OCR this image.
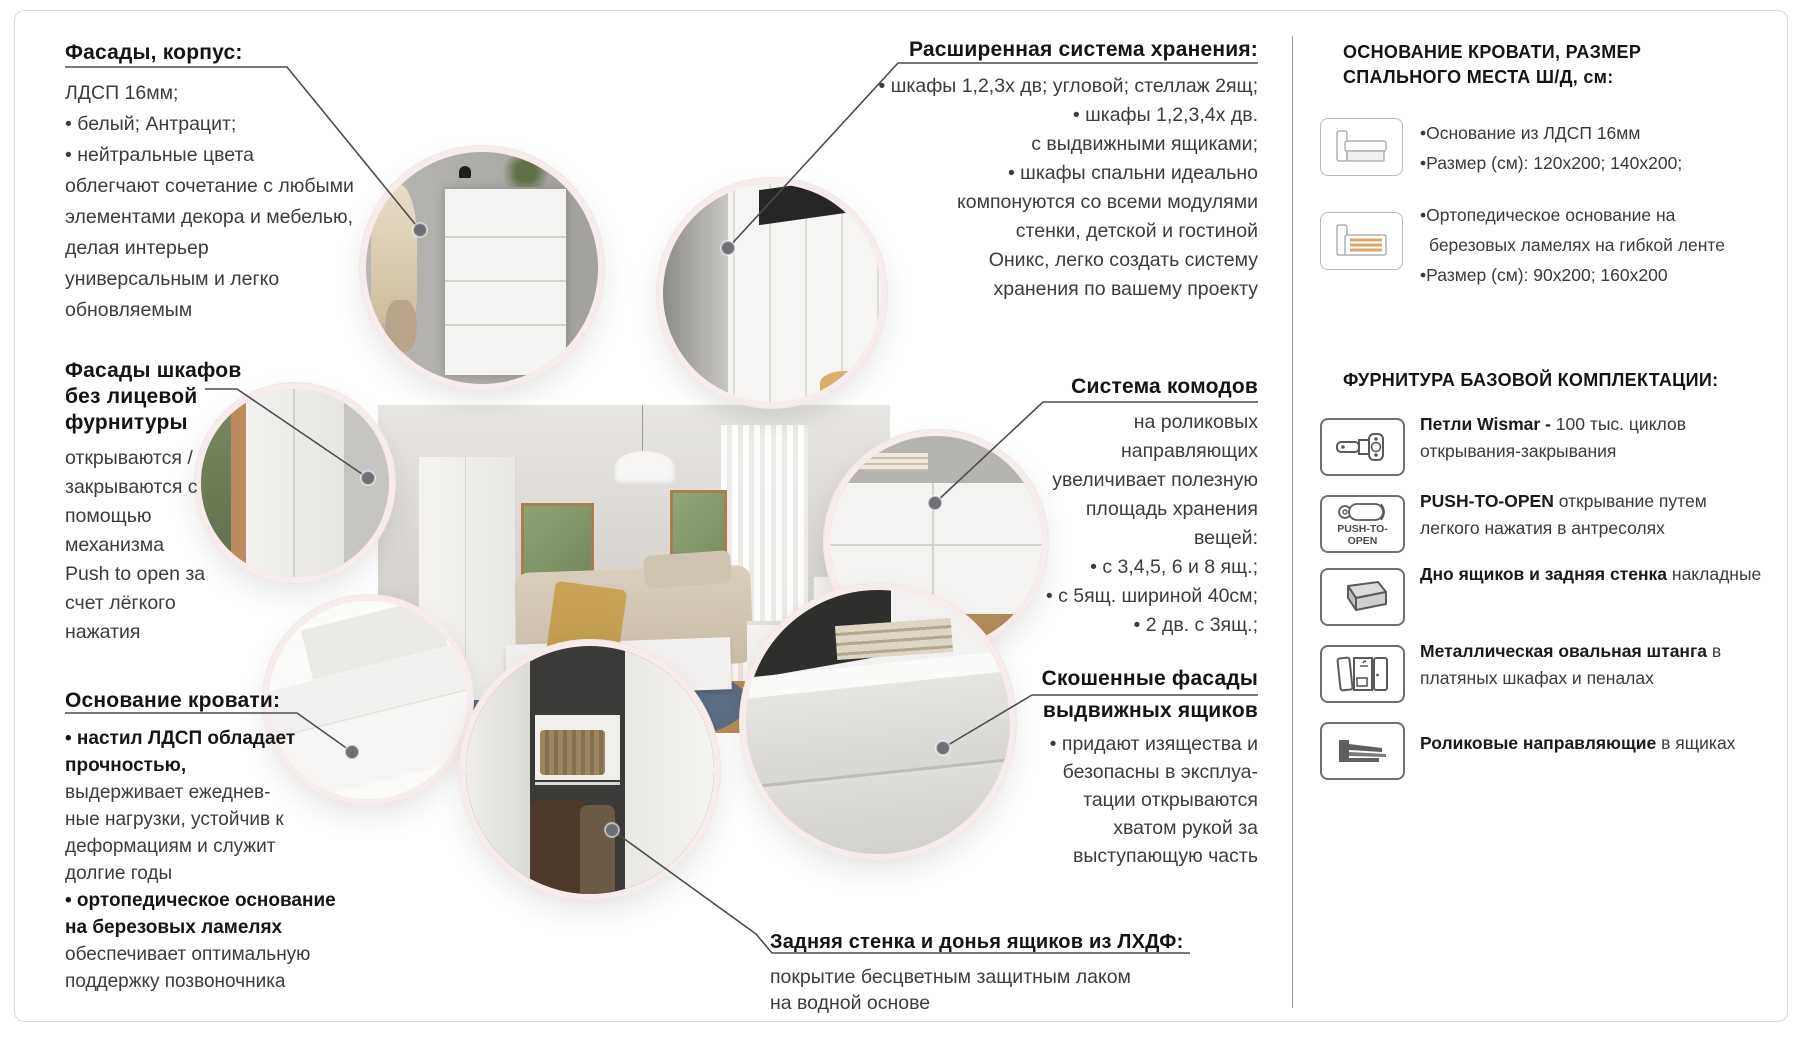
Фасады, корпус:
ЛДСП 16мм;
• белый; Антрацит;
• нейтральные цвета
облегчают сочетание с любыми
элементами декора и мебелью,
делая интерьер
универсальным и легко
обновляемым
Расширенная система хранения:
• шкафы 1,2,3х дв; угловой; стеллаж 2ящ;
• шкафы 1,2,3,4х дв.
с выдвижными ящиками;
• шкафы спальни идеально
компонуются со всеми модулями
стенки, детской и гостиной
Оникс, легко создать систему
хранения по вашему проекту
Фасады шкафов
без лицевой
фурнитуры
открываются /
закрываются с
помощью
механизма
Push to open за
счет лёгкого
нажатия
Система комодов
на роликовых
направляющих
увеличивает полезную
площадь хранения
вещей:
• с 3,4,5, 6 и 8 ящ.;
• с 5ящ. шириной 40см;
• 2 дв. с 3ящ.;
Основание кровати:
• настил ЛДСП обладает
прочностью,
выдерживает ежеднев-
ные нагрузки, устойчив к
деформациям и служит
долгие годы
• ортопедическое основание
на березовых ламелях
обеспечивает оптимальную
поддержку позвоночника
Скошенные фасады
выдвижных ящиков
• придают изящества и
безопасны в эксплуа-
тации открываются
хватом рукой за
выступающую часть
Задняя стенка и донья ящиков из ЛХДФ:
покрытие бесцветным защитным лаком
на водной основе
ОСНОВАНИЕ КРОВАТИ, РАЗМЕР
СПАЛЬНОГО МЕСТА Ш/Д, см:
•Основание из ЛДСП 16мм
•Размер (см): 120х200; 140х200;
•Ортопедическое основание на
березовых ламелях на гибкой ленте
•Размер (см): 90х200; 160х200
ФУРНИТУРА БАЗОВОЙ КОМПЛЕКТАЦИИ:

Петли Wismar - 100 тыс. циклов открывания-закрывания

PUSH-TO-OPEN

PUSH-TO-OPEN открывание путем легкого нажатия в антресолях

Дно ящиков и задняя стенка накладные

Металлическая овальная штанга в платяных шкафах и пеналах

Роликовые направляющие в ящиках
